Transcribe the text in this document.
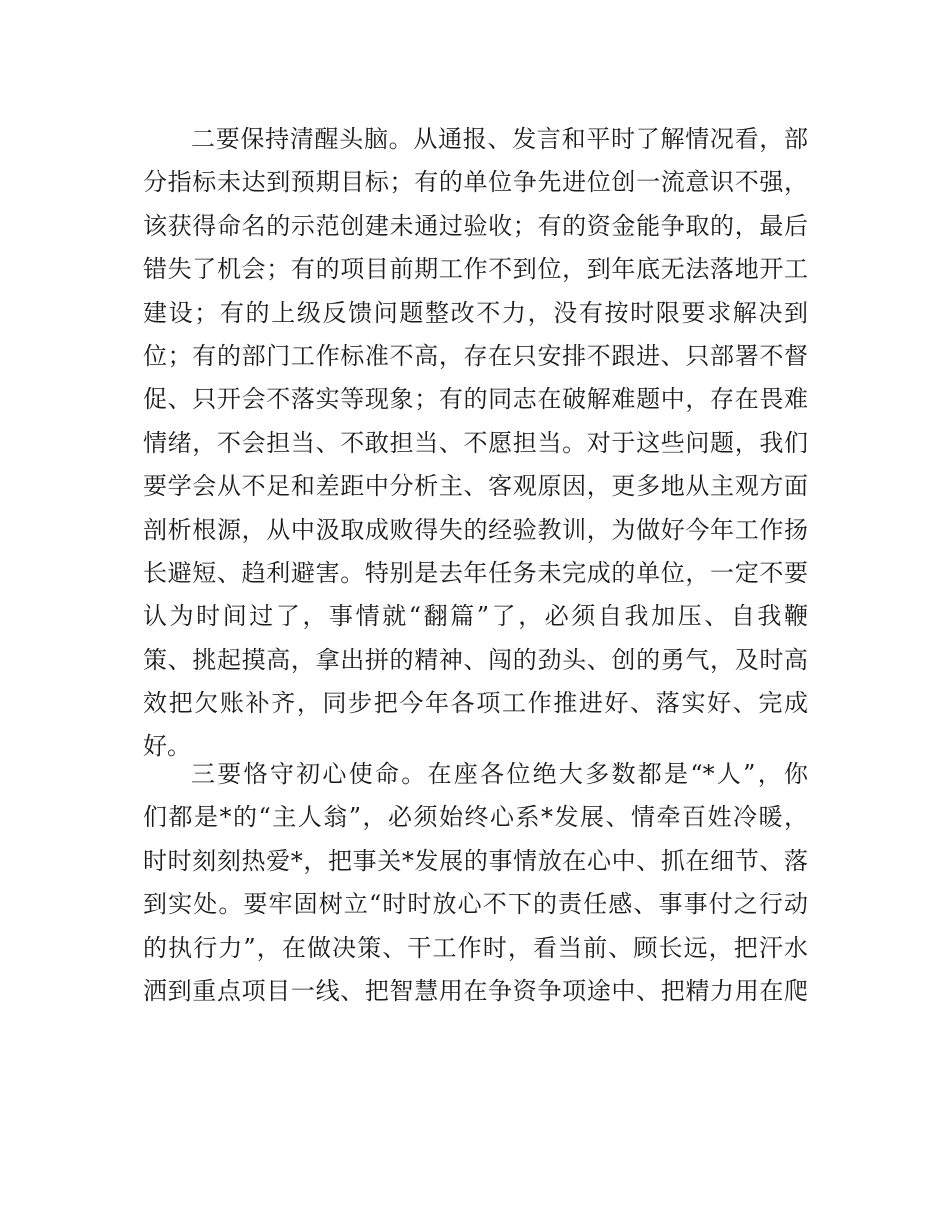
二要保持清醒头脑。从通报、发言和平时了解情况看，部
分指标未达到预期目标；有的单位争先进位创一流意识不强，
该获得命名的示范创建未通过验收；有的资金能争取的，最后
错失了机会；有的项目前期工作不到位，到年底无法落地开工
建设；有的上级反馈问题整改不力，没有按时限要求解决到
位；有的部门工作标准不高，存在只安排不跟进、只部署不督
促、只开会不落实等现象；有的同志在破解难题中，存在畏难
情绪，不会担当、不敢担当、不愿担当。对于这些问题，我们
要学会从不足和差距中分析主、客观原因，更多地从主观方面
剖析根源，从中汲取成败得失的经验教训，为做好今年工作扬
长避短、趋利避害。特别是去年任务未完成的单位，一定不要
认为时间过了，事情就“翻篇”了，必须自我加压、自我鞭
策、挑起摸高，拿出拼的精神、闯的劲头、创的勇气，及时高
效把欠账补齐，同步把今年各项工作推进好、落实好、完成
好。
三要恪守初心使命。在座各位绝大多数都是“*人”，你
们都是*的“主人翁”，必须始终心系*发展、情牵百姓冷暖，
时时刻刻热爱*，把事关*发展的事情放在心中、抓在细节、落
到实处。要牢固树立“时时放心不下的责任感、事事付之行动
的执行力”，在做决策、干工作时，看当前、顾长远，把汗水
洒到重点项目一线、把智慧用在争资争项途中、把精力用在爬
